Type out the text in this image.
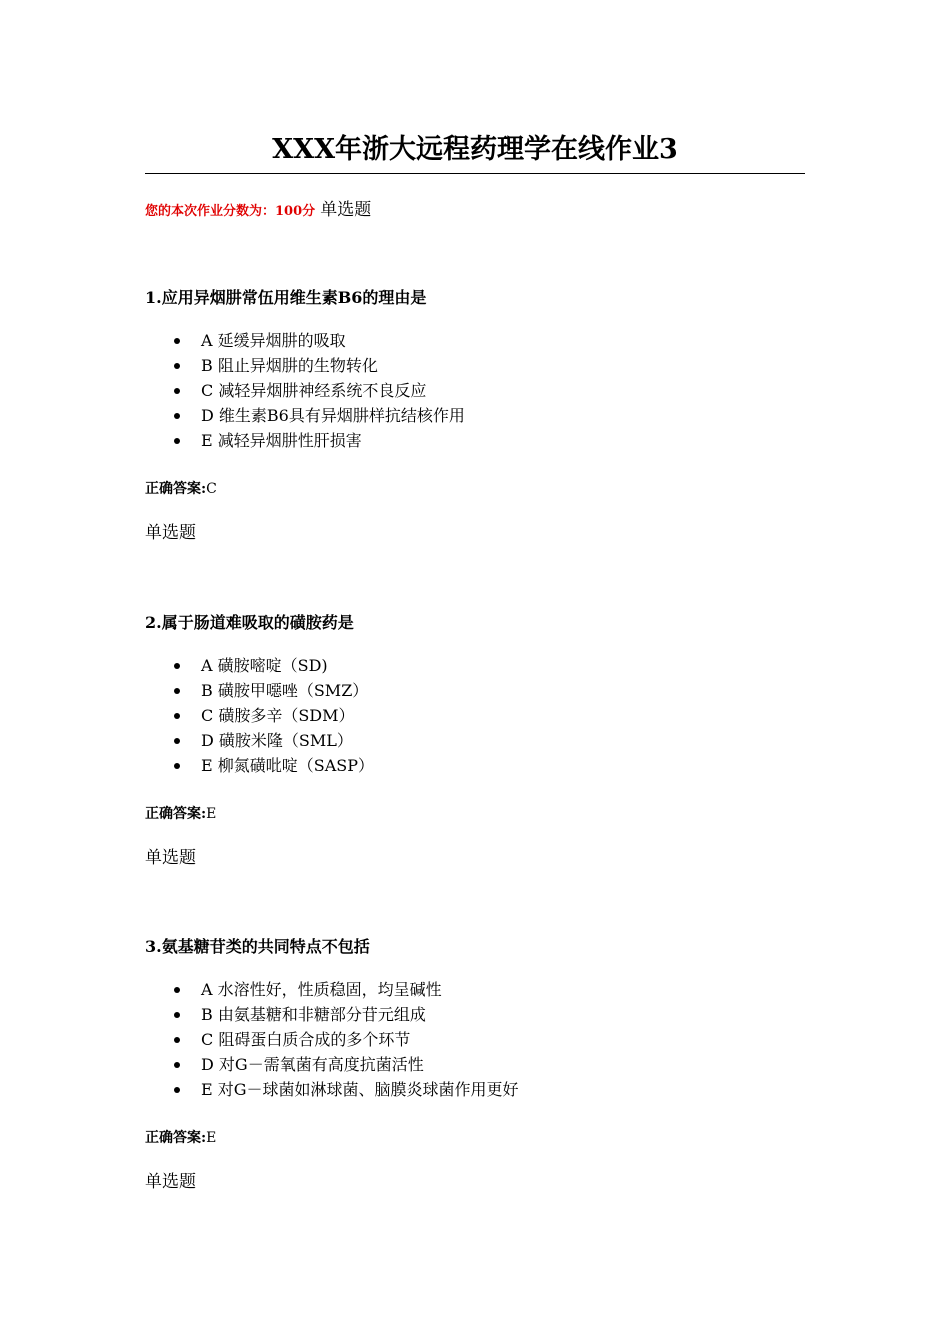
XXX年浙大远程药理学在线作业3
您的本次作业分数为：100分 单选题

1.应用异烟肼常伍用维生素B6的理由是

A 延缓异烟肼的吸取
B 阻止异烟肼的生物转化
C 减轻异烟肼神经系统不良反应
D 维生素B6具有异烟肼样抗结核作用
E 减轻异烟肼性肝损害
正确答案:C
单选题

2.属于肠道难吸取的磺胺药是

A 磺胺嘧啶（SD)
B 磺胺甲噁唑（SMZ）
C 磺胺多辛（SDM）
D 磺胺米隆（SML）
E 柳氮磺吡啶（SASP）
正确答案:E
单选题

3.氨基糖苷类的共同特点不包括

A 水溶性好，性质稳固，均呈碱性
B 由氨基糖和非糖部分苷元组成
C 阻碍蛋白质合成的多个环节
D 对G－需氧菌有高度抗菌活性
E 对G－球菌如淋球菌、脑膜炎球菌作用更好
正确答案:E
单选题
